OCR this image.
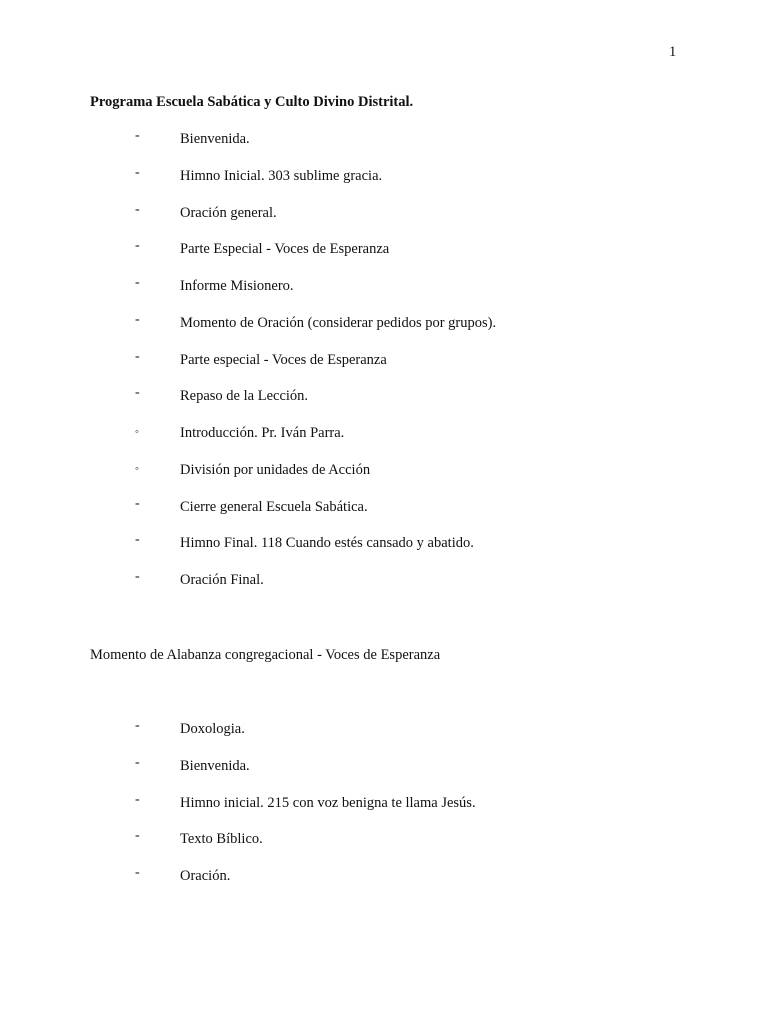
1
Programa Escuela Sabática y Culto Divino Distrital.
-	Bienvenida.
-	Himno Inicial. 303 sublime gracia.
-	Oración general.
-	Parte Especial - Voces de Esperanza
-	Informe Misionero.
-	Momento de Oración (considerar pedidos por grupos).
-	Parte especial - Voces de Esperanza
-	Repaso de la Lección.
◦	Introducción. Pr. Iván Parra.
◦	División por unidades de Acción
-	Cierre general Escuela Sabática.
-	Himno Final. 118 Cuando estés cansado y abatido.
-	Oración Final.
Momento de Alabanza congregacional - Voces de Esperanza
-	Doxologia.
-	Bienvenida.
-	Himno inicial. 215 con voz benigna te llama Jesús.
-	Texto Bíblico.
-	Oración.
